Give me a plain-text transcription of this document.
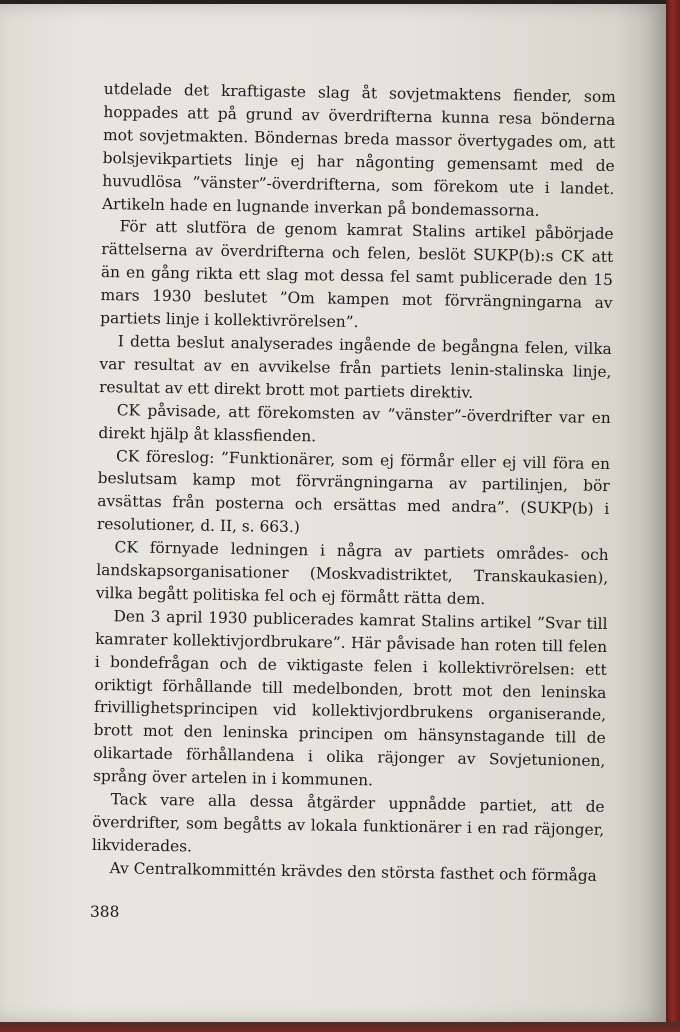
utdelade det kraftigaste slag åt sovjetmaktens fiender, som hoppades att på grund av överdrifterna kunna resa bönderna mot sovjetmakten. Böndernas breda massor övertygades om, att bolsjevikpartiets linje ej har någonting gemensamt med de huvudlösa ”vänster”-överdrifterna, som förekom ute i landet. Artikeln hade en lugnande inverkan på bondemassorna.

För att slutföra de genom kamrat Stalins artikel påbörjade rättelserna av överdrifterna och felen, beslöt SUKP(b):s CK att än en gång rikta ett slag mot dessa fel samt publicerade den 15 mars 1930 beslutet ”Om kampen mot förvrängningarna av partiets linje i kollektivrörelsen”.

I detta beslut analyserades ingående de begångna felen, vilka var resultat av en avvikelse från partiets lenin-stalinska linje, resultat av ett direkt brott mot partiets direktiv.

CK påvisade, att förekomsten av ”vänster”-överdrifter var en direkt hjälp åt klassfienden.

CK föreslog: ”Funktionärer, som ej förmår eller ej vill föra en beslutsam kamp mot förvrängningarna av partilinjen, bör avsättas från posterna och ersättas med andra”. (SUKP(b) i resolutioner, d. II, s. 663.)

CK förnyade ledningen i några av partiets områdes- och landskapsorganisationer (Moskvadistriktet, Transkaukasien), vilka begått politiska fel och ej förmått rätta dem.

Den 3 april 1930 publicerades kamrat Stalins artikel ”Svar till kamrater kollektivjordbrukare”. Här påvisade han roten till felen i bondefrågan och de viktigaste felen i kollektivrörelsen: ett oriktigt förhållande till medelbonden, brott mot den leninska frivillighetsprincipen vid kollektivjordbrukens organiserande, brott mot den leninska principen om hänsynstagande till de olikartade förhållandena i olika räjonger av Sovjetunionen, språng över artelen in i kommunen.

Tack vare alla dessa åtgärder uppnådde partiet, att de överdrifter, som begåtts av lokala funktionärer i en rad räjonger, likviderades.

Av Centralkommittén krävdes den största fasthet och förmåga

388
